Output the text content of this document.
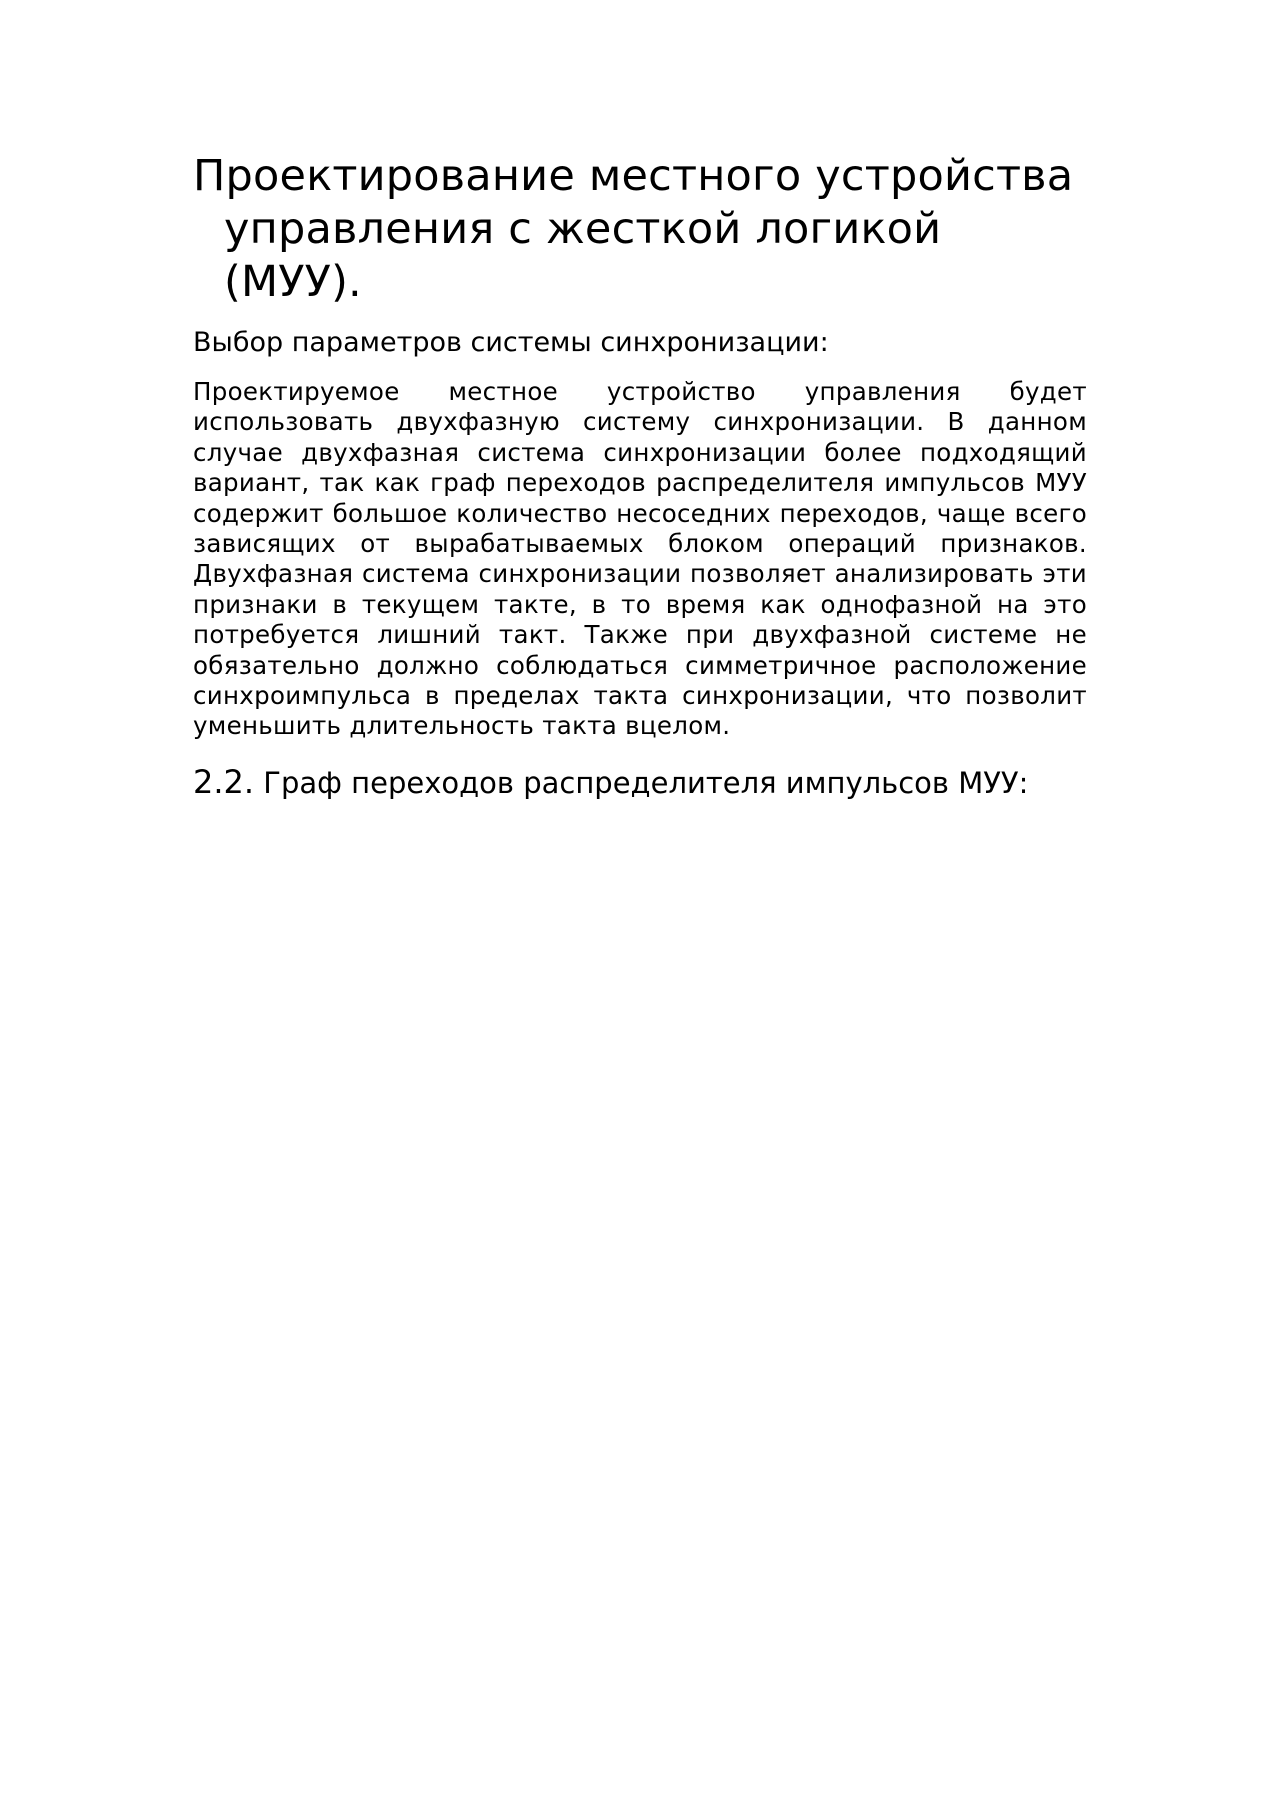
Проектирование местного устройства
управления с жесткой логикой (МУУ).
Выбор параметров системы синхронизации:

Проектируемое местное устройство управления будет использовать двухфазную систему синхронизации. В данном случае двухфазная система синхронизации более подходящий вариант, так как граф переходов распределителя импульсов МУУ содержит большое количество несоседних переходов, чаще всего зависящих от вырабатываемых блоком операций признаков. Двухфазная система синхронизации позволяет анализировать эти признаки в текущем такте, в то время как однофазной на это потребуется лишний такт. Также при двухфазной системе не обязательно должно соблюдаться симметричное расположение синхроимпульса в пределах такта синхронизации, что позволит уменьшить длительность такта вцелом.

2.2. Граф переходов распределителя импульсов МУУ:
